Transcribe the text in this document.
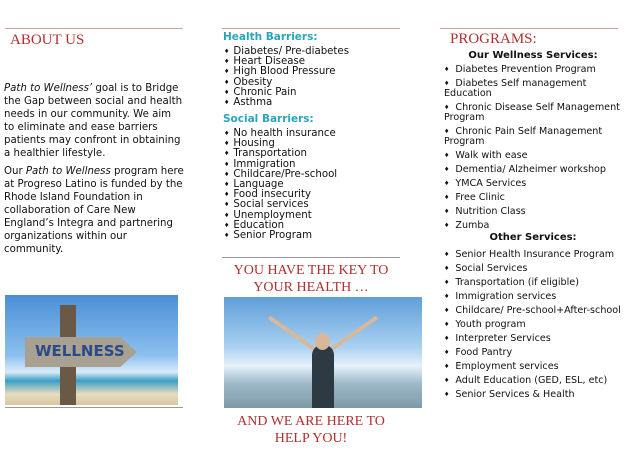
ABOUT US

Path to Wellness’ goal is to Bridge the Gap between social and health needs in our community. We aim to eliminate and ease barriers patients may confront in obtaining a healthier lifestyle.

Our Path to Wellness program here at Progreso Latino is funded by the Rhode Island Foundation in collaboration of Care New England’s Integra and partnering organizations within our community.

WELLNESS
Health Barriers:
♦ Diabetes/ Pre-diabetes
♦ Heart Disease
♦ High Blood Pressure
♦ Obesity
♦ Chronic Pain
♦ Asthma
Social Barriers:
♦ No health insurance
♦ Housing
♦ Transportation
♦ Immigration
♦ Childcare/Pre-school
♦ Language
♦ Food insecurity
♦ Social services
♦ Unemployment
♦ Education
♦ Senior Program
YOU HAVE THE KEY TO YOUR HEALTH …
AND WE ARE HERE TO HELP YOU!
PROGRAMS:
Our Wellness Services:
♦ Diabetes Prevention Program
♦ Diabetes Self management Education
♦ Chronic Disease Self Management Program
♦ Chronic Pain Self Management Program
♦ Walk with ease
♦ Dementia/ Alzheimer workshop
♦ YMCA Services
♦ Free Clinic
♦ Nutrition Class
♦ Zumba
Other Services:
♦ Senior Health Insurance Program
♦ Social Services
♦ Transportation (if eligible)
♦ Immigration services
♦ Childcare/ Pre-school+After-school
♦ Youth program
♦ Interpreter Services
♦ Food Pantry
♦ Employment services
♦ Adult Education (GED, ESL, etc)
♦ Senior Services & Health
